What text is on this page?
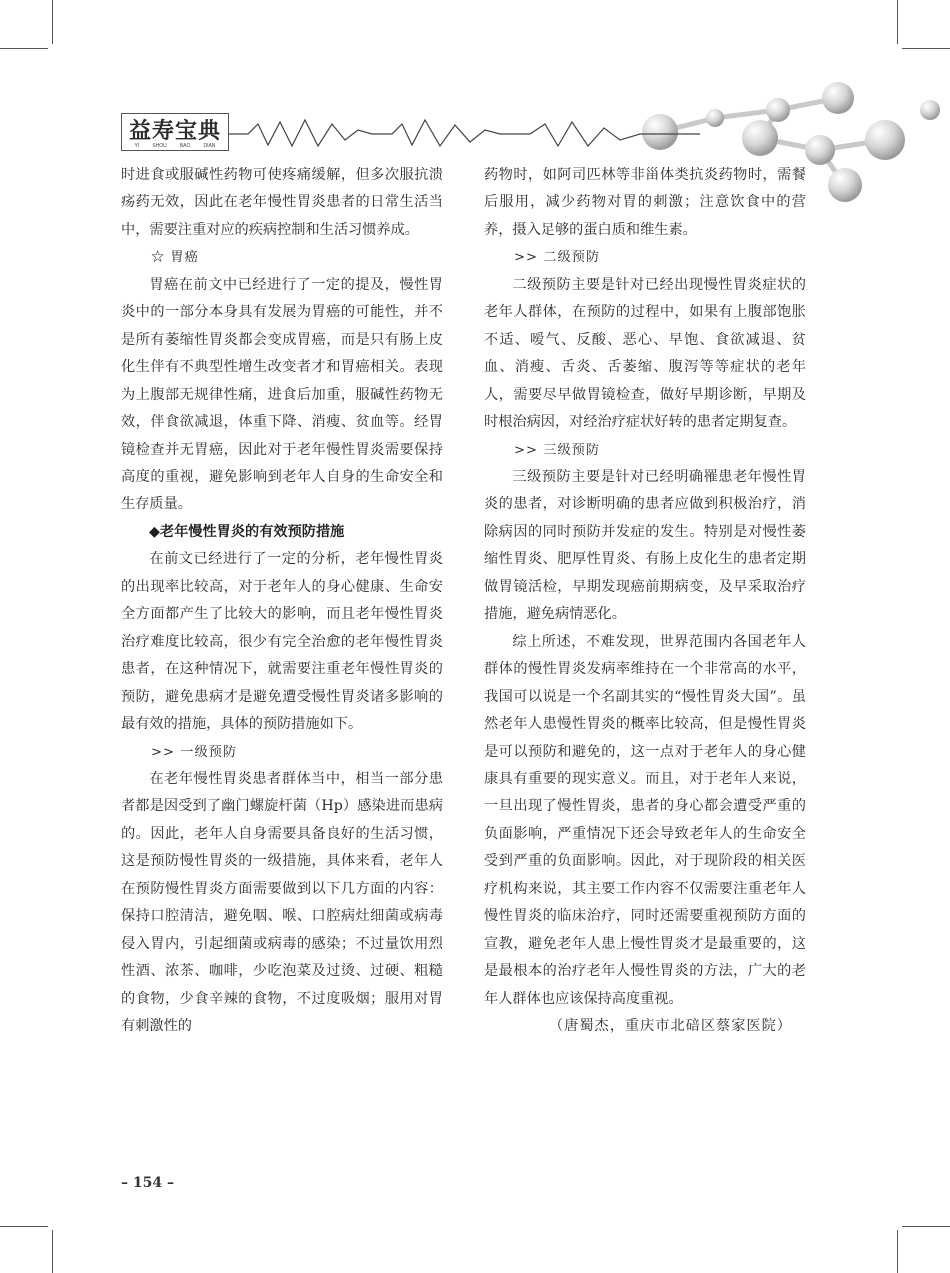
益寿宝典
YI	SHOU	BAO	DIAN

时进食或服碱性药物可使疼痛缓解，但多次服抗溃疡药无效，因此在老年慢性胃炎患者的日常生活当中，需要注重对应的疾病控制和生活习惯养成。

☆ 胃癌

胃癌在前文中已经进行了一定的提及，慢性胃炎中的一部分本身具有发展为胃癌的可能性，并不是所有萎缩性胃炎都会变成胃癌，而是只有肠上皮化生伴有不典型性增生改变者才和胃癌相关。表现为上腹部无规律性痛，进食后加重，服碱性药物无效，伴食欲减退，体重下降、消瘦、贫血等。经胃镜检查并无胃癌，因此对于老年慢性胃炎需要保持高度的重视，避免影响到老年人自身的生命安全和生存质量。

◆老年慢性胃炎的有效预防措施

在前文已经进行了一定的分析，老年慢性胃炎的出现率比较高，对于老年人的身心健康、生命安全方面都产生了比较大的影响，而且老年慢性胃炎治疗难度比较高，很少有完全治愈的老年慢性胃炎患者，在这种情况下，就需要注重老年慢性胃炎的预防，避免患病才是避免遭受慢性胃炎诸多影响的最有效的措施，具体的预防措施如下。

>> 一级预防

在老年慢性胃炎患者群体当中，相当一部分患者都是因受到了幽门螺旋杆菌（Hp）感染进而患病的。因此，老年人自身需要具备良好的生活习惯，这是预防慢性胃炎的一级措施，具体来看，老年人在预防慢性胃炎方面需要做到以下几方面的内容：保持口腔清洁，避免咽、喉、口腔病灶细菌或病毒侵入胃内，引起细菌或病毒的感染；不过量饮用烈性酒、浓茶、咖啡，少吃泡菜及过烫、过硬、粗糙的食物，少食辛辣的食物，不过度吸烟；服用对胃有刺激性的

药物时，如阿司匹林等非甾体类抗炎药物时，需餐后服用，减少药物对胃的刺激；注意饮食中的营养，摄入足够的蛋白质和维生素。

>> 二级预防

二级预防主要是针对已经出现慢性胃炎症状的老年人群体，在预防的过程中，如果有上腹部饱胀不适、嗳气、反酸、恶心、早饱、食欲减退、贫血、消瘦、舌炎、舌萎缩、腹泻等等症状的老年人，需要尽早做胃镜检查，做好早期诊断，早期及时根治病因，对经治疗症状好转的患者定期复查。

>> 三级预防

三级预防主要是针对已经明确罹患老年慢性胃炎的患者，对诊断明确的患者应做到积极治疗，消除病因的同时预防并发症的发生。特别是对慢性萎缩性胃炎、肥厚性胃炎、有肠上皮化生的患者定期做胃镜活检，早期发现癌前期病变，及早采取治疗措施，避免病情恶化。

综上所述，不难发现，世界范围内各国老年人群体的慢性胃炎发病率维持在一个非常高的水平，我国可以说是一个名副其实的“慢性胃炎大国”。虽然老年人患慢性胃炎的概率比较高，但是慢性胃炎是可以预防和避免的，这一点对于老年人的身心健康具有重要的现实意义。而且，对于老年人来说，一旦出现了慢性胃炎，患者的身心都会遭受严重的负面影响，严重情况下还会导致老年人的生命安全受到严重的负面影响。因此，对于现阶段的相关医疗机构来说，其主要工作内容不仅需要注重老年人慢性胃炎的临床治疗，同时还需要重视预防方面的宣教，避免老年人患上慢性胃炎才是最重要的，这是最根本的治疗老年人慢性胃炎的方法，广大的老年人群体也应该保持高度重视。

（唐蜀杰，重庆市北碚区蔡家医院）

– 154 –
